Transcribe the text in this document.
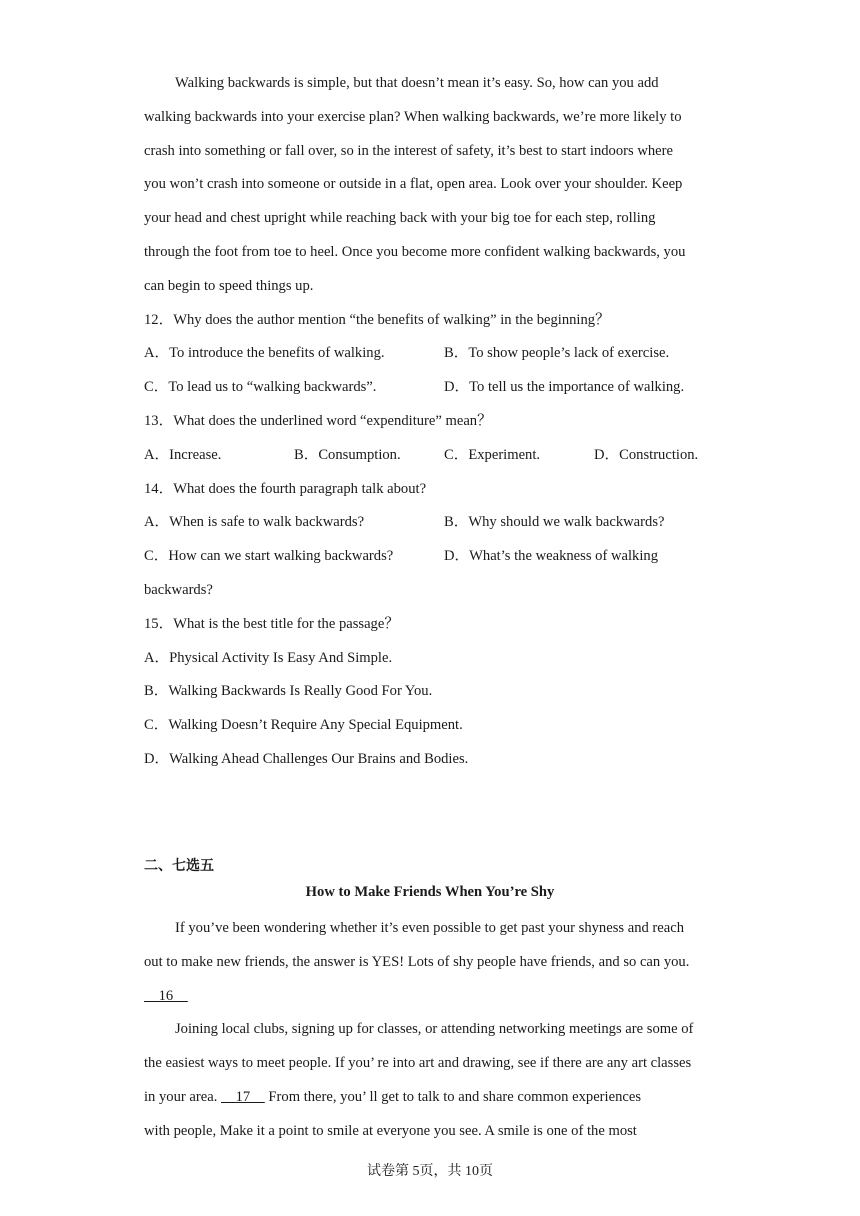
Walking backwards is simple, but that doesn’t mean it’s easy. So, how can you add
walking backwards into your exercise plan? When walking backwards, we’re more likely to
crash into something or fall over, so in the interest of safety, it’s best to start indoors where
you won’t crash into someone or outside in a flat, open area. Look over your shoulder. Keep
your head and chest upright while reaching back with your big toe for each step, rolling
through the foot from toe to heel. Once you become more confident walking backwards, you
can begin to speed things up.
12．Why does the author mention “the benefits of walking” in the beginning？
A．To introduce the benefits of walking.	B．To show people’s lack of exercise.
C．To lead us to “walking backwards”.	D．To tell us the importance of walking.
13．What does the underlined word “expenditure” mean？
A．Increase.	B．Consumption.	C．Experiment.	D．Construction.
14．What does the fourth paragraph talk about?
A．When is safe to walk backwards?	B．Why should we walk backwards?
C．How can we start walking backwards?	D．What’s the weakness of walking
backwards?
15．What is the best title for the passage？
A．Physical Activity Is Easy And Simple.
B．Walking Backwards Is Really Good For You.
C．Walking Doesn’t Require Any Special Equipment.
D．Walking Ahead Challenges Our Brains and Bodies.
二、七选五
How to Make Friends When You’re Shy
If you’ve been wondering whether it’s even possible to get past your shyness and reach
out to make new friends, the answer is YES! Lots of shy people have friends, and so can you.
16
Joining local clubs, signing up for classes, or attending networking meetings are some of
the easiest ways to meet people. If you’ re into art and drawing, see if there are any art classes
in your area.     17     From there, you’ ll get to talk to and share common experiences
with people, Make it a point to smile at everyone you see. A smile is one of the most
试卷第 5页，共 10页
